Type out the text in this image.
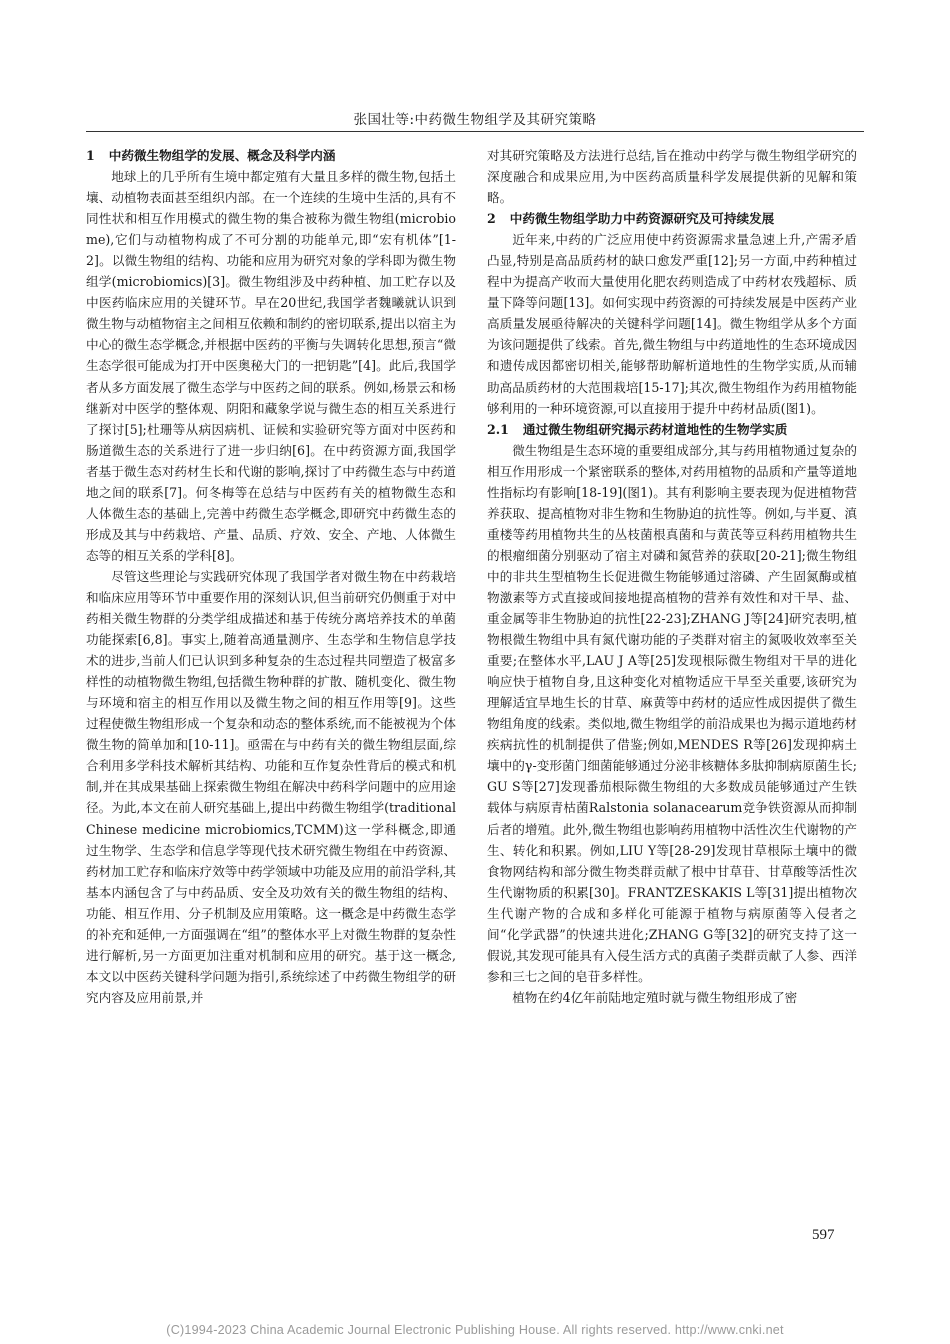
张国壮等:中药微生物组学及其研究策略
1 中药微生物组学的发展、概念及科学内涵

地球上的几乎所有生境中都定殖有大量且多样的微生物,包括土壤、动植物表面甚至组织内部。在一个连续的生境中生活的,具有不同性状和相互作用模式的微生物的集合被称为微生物组(microbiome),它们与动植物构成了不可分割的功能单元,即“宏有机体”[1-2]。以微生物组的结构、功能和应用为研究对象的学科即为微生物组学(microbiomics)[3]。微生物组涉及中药种植、加工贮存以及中医药临床应用的关键环节。早在20世纪,我国学者魏曦就认识到微生物与动植物宿主之间相互依赖和制约的密切联系,提出以宿主为中心的微生态学概念,并根据中医药的平衡与失调转化思想,预言“微生态学很可能成为打开中医奥秘大门的一把钥匙”[4]。此后,我国学者从多方面发展了微生态学与中医药之间的联系。例如,杨景云和杨继新对中医学的整体观、阴阳和藏象学说与微生态的相互关系进行了探讨[5];杜珊等从病因病机、证候和实验研究等方面对中医药和肠道微生态的关系进行了进一步归纳[6]。在中药资源方面,我国学者基于微生态对药材生长和代谢的影响,探讨了中药微生态与中药道地之间的联系[7]。何冬梅等在总结与中医药有关的植物微生态和人体微生态的基础上,完善中药微生态学概念,即研究中药微生态的形成及其与中药栽培、产量、品质、疗效、安全、产地、人体微生态等的相互关系的学科[8]。

尽管这些理论与实践研究体现了我国学者对微生物在中药栽培和临床应用等环节中重要作用的深刻认识,但当前研究仍侧重于对中药相关微生物群的分类学组成描述和基于传统分离培养技术的单菌功能探索[6,8]。事实上,随着高通量测序、生态学和生物信息学技术的进步,当前人们已认识到多种复杂的生态过程共同塑造了极富多样性的动植物微生物组,包括微生物种群的扩散、随机变化、微生物与环境和宿主的相互作用以及微生物之间的相互作用等[9]。这些过程使微生物组形成一个复杂和动态的整体系统,而不能被视为个体微生物的简单加和[10-11]。亟需在与中药有关的微生物组层面,综合利用多学科技术解析其结构、功能和互作复杂性背后的模式和机制,并在其成果基础上探索微生物组在解决中药科学问题中的应用途径。为此,本文在前人研究基础上,提出中药微生物组学(traditional Chinese medicine microbiomics,TCMM)这一学科概念,即通过生物学、生态学和信息学等现代技术研究微生物组在中药资源、药材加工贮存和临床疗效等中药学领域中功能及应用的前沿学科,其基本内涵包含了与中药品质、安全及功效有关的微生物组的结构、功能、相互作用、分子机制及应用策略。这一概念是中药微生态学的补充和延伸,一方面强调在“组”的整体水平上对微生物群的复杂性进行解析,另一方面更加注重对机制和应用的研究。基于这一概念,本文以中医药关键科学问题为指引,系统综述了中药微生物组学的研究内容及应用前景,并

对其研究策略及方法进行总结,旨在推动中药学与微生物组学研究的深度融合和成果应用,为中医药高质量科学发展提供新的见解和策略。

2 中药微生物组学助力中药资源研究及可持续发展

近年来,中药的广泛应用使中药资源需求量急速上升,产需矛盾凸显,特别是高品质药材的缺口愈发严重[12];另一方面,中药种植过程中为提高产收而大量使用化肥农药则造成了中药材农残超标、质量下降等问题[13]。如何实现中药资源的可持续发展是中医药产业高质量发展亟待解决的关键科学问题[14]。微生物组学从多个方面为该问题提供了线索。首先,微生物组与中药道地性的生态环境成因和遗传成因都密切相关,能够帮助解析道地性的生物学实质,从而辅助高品质药材的大范围栽培[15-17];其次,微生物组作为药用植物能够利用的一种环境资源,可以直接用于提升中药材品质(图1)。

2.1 通过微生物组研究揭示药材道地性的生物学实质

微生物组是生态环境的重要组成部分,其与药用植物通过复杂的相互作用形成一个紧密联系的整体,对药用植物的品质和产量等道地性指标均有影响[18-19](图1)。其有利影响主要表现为促进植物营养获取、提高植物对非生物和生物胁迫的抗性等。例如,与半夏、滇重楼等药用植物共生的丛枝菌根真菌和与黄芪等豆科药用植物共生的根瘤细菌分别驱动了宿主对磷和氮营养的获取[20-21];微生物组中的非共生型植物生长促进微生物能够通过溶磷、产生固氮酶或植物激素等方式直接或间接地提高植物的营养有效性和对干旱、盐、重金属等非生物胁迫的抗性[22-23];ZHANG J等[24]研究表明,植物根微生物组中具有氮代谢功能的子类群对宿主的氮吸收效率至关重要;在整体水平,LAU J A等[25]发现根际微生物组对干旱的进化响应快于植物自身,且这种变化对植物适应干旱至关重要,该研究为理解适宜旱地生长的甘草、麻黄等中药材的适应性成因提供了微生物组角度的线索。类似地,微生物组学的前沿成果也为揭示道地药材疾病抗性的机制提供了借鉴;例如,MENDES R等[26]发现抑病土壤中的γ-变形菌门细菌能够通过分泌非核糖体多肽抑制病原菌生长;GU S等[27]发现番茄根际微生物组的大多数成员能够通过产生铁载体与病原青枯菌Ralstonia solanacearum竞争铁资源从而抑制后者的增殖。此外,微生物组也影响药用植物中活性次生代谢物的产生、转化和积累。例如,LIU Y等[28-29]发现甘草根际土壤中的微食物网结构和部分微生物类群贡献了根中甘草苷、甘草酸等活性次生代谢物质的积累[30]。FRANTZESKAKIS L等[31]提出植物次生代谢产物的合成和多样化可能源于植物与病原菌等入侵者之间“化学武器”的快速共进化;ZHANG G等[32]的研究支持了这一假说,其发现可能具有入侵生活方式的真菌子类群贡献了人参、西洋参和三七之间的皂苷多样性。

植物在约4亿年前陆地定殖时就与微生物组形成了密

597
(C)1994-2023 China Academic Journal Electronic Publishing House. All rights reserved. http://www.cnki.net
